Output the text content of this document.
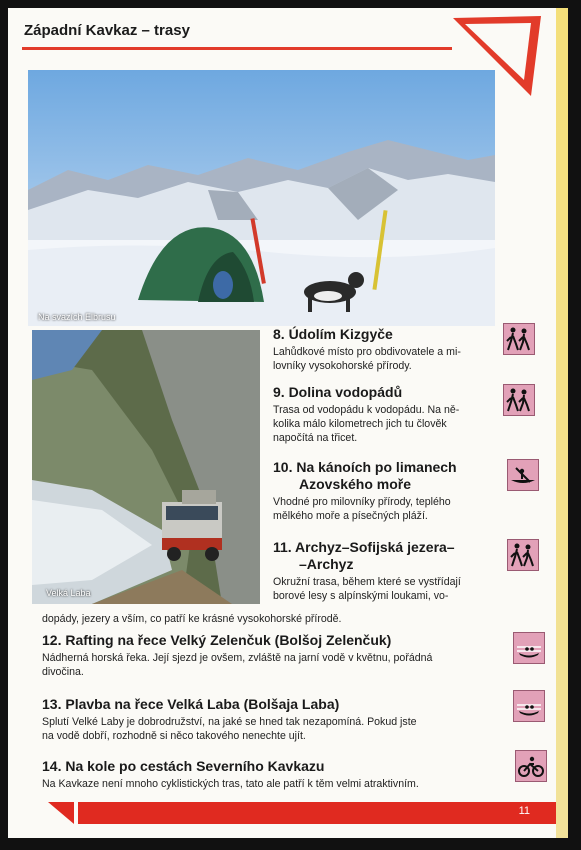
Západní Kavkaz – trasy
Na svazích Elbrusu
Velká Laba
8. Údolím Kizgyče

Lahůdkové místo pro obdivovatele a mi-
lovníky vysokohorské přírody.

9. Dolina vodopádů

Trasa od vodopádu k vodopádu. Na ně-
kolika málo kilometrech jich tu člověk
napočítá na třicet.

10. Na kánoích po limanech
Azovského moře

Vhodné pro milovníky přírody, teplého
mělkého moře a písečných pláží.

11. Archyz–Sofijská jezera–
–Archyz

Okružní trasa, během které se vystřídají
borové lesy s alpínskými loukami, vo-

dopády, jezery a vším, co patří ke krásné vysokohorské přírodě.
12. Rafting na řece Velký Zelenčuk (Bolšoj Zelenčuk)

Nádherná horská řeka. Její sjezd je ovšem, zvláště na jarní vodě v květnu, pořádná
divočina.

13. Plavba na řece Velká Laba (Bolšaja Laba)

Splutí Velké Laby je dobrodružství, na jaké se hned tak nezapomíná. Pokud jste
na vodě dobří, rozhodně si něco takového nenechte ujít.

14. Na kole po cestách Severního Kavkazu

Na Kavkaze není mnoho cyklistických tras, tato ale patří k těm velmi atraktivním.

11
